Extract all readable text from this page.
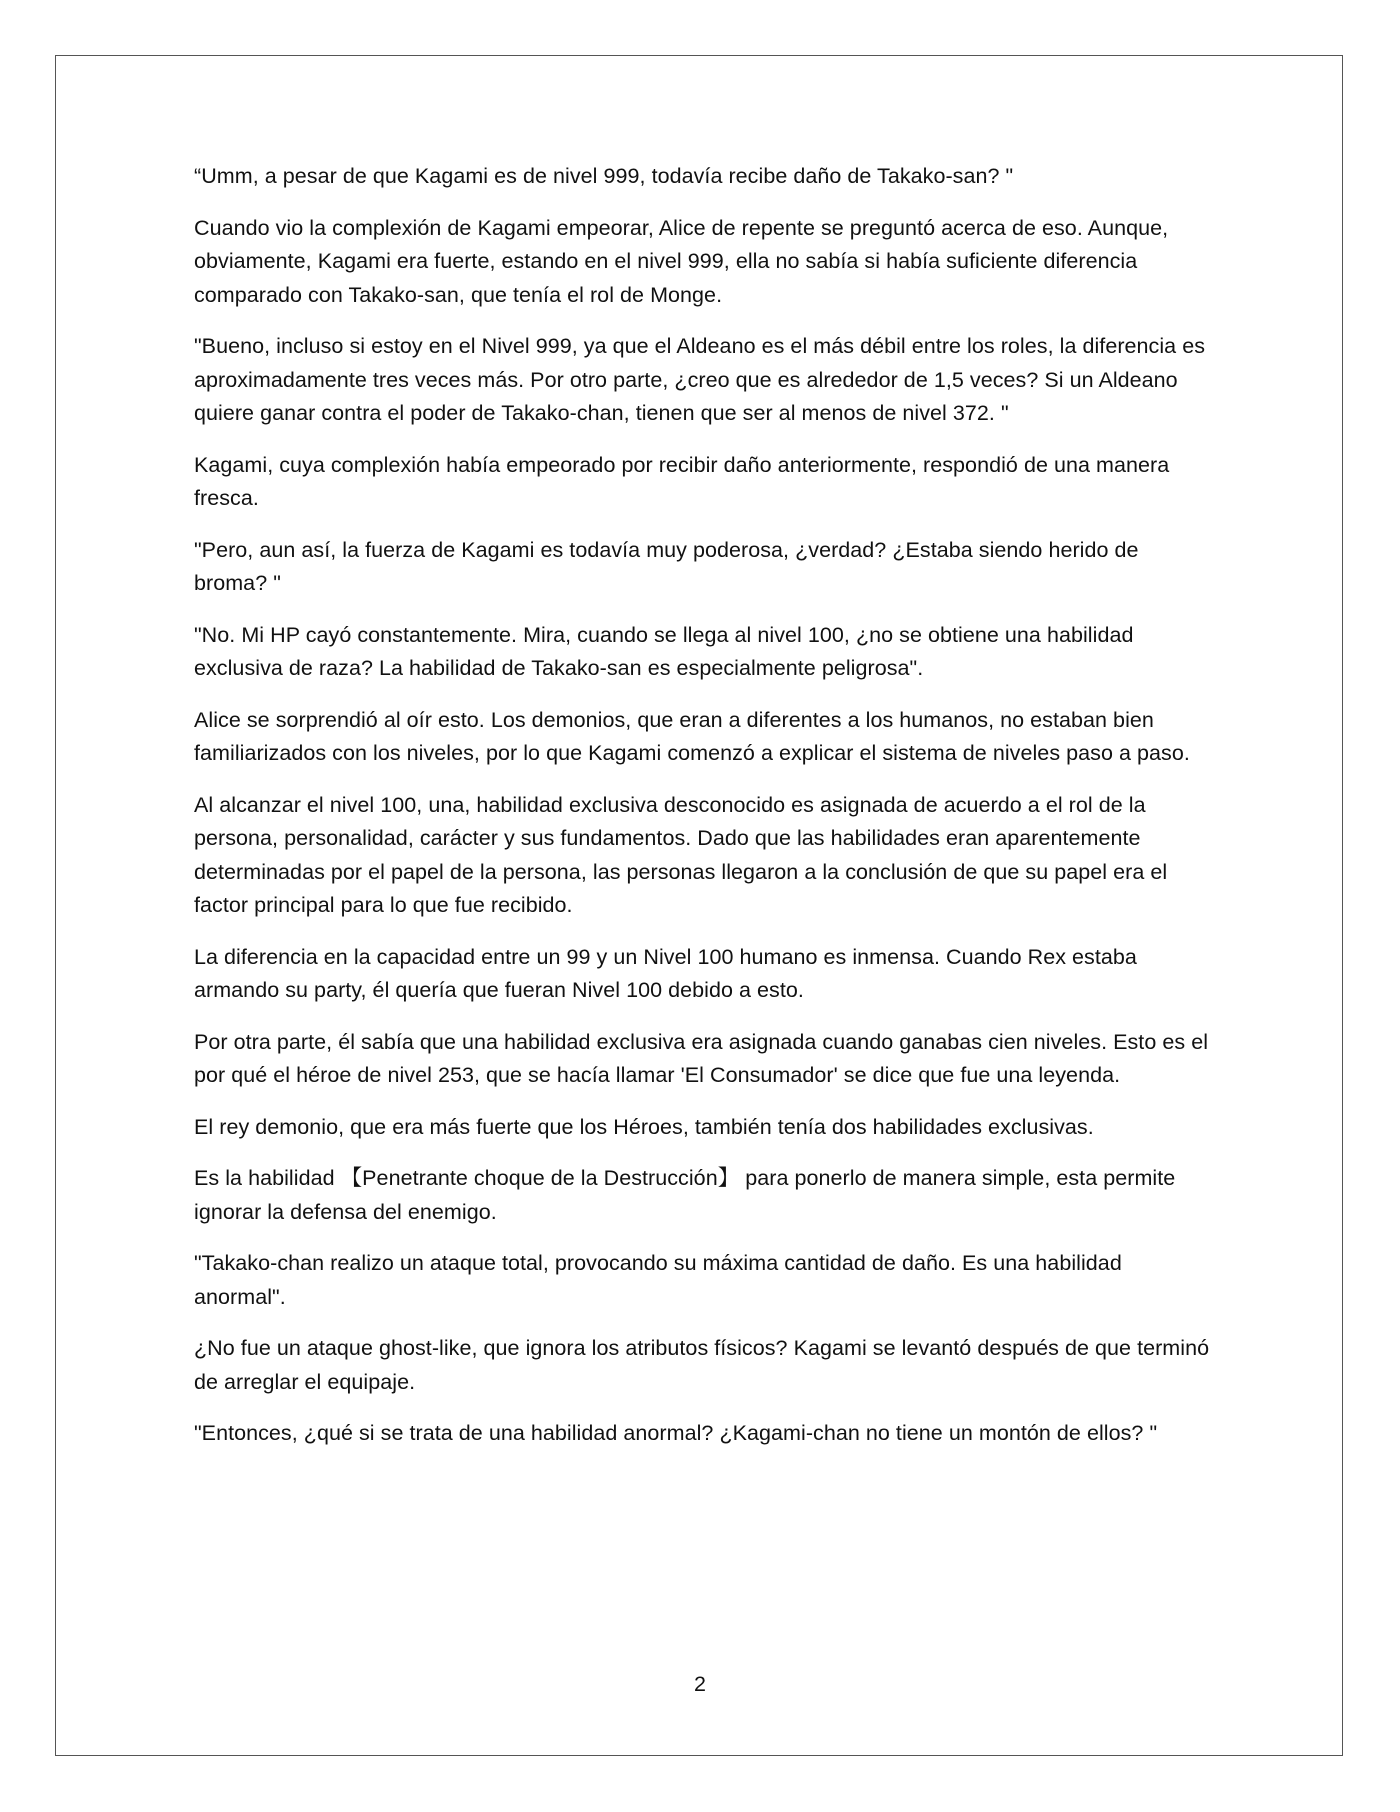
“Umm, a pesar de que Kagami es de nivel 999, todavía recibe daño de Takako-san? "

Cuando vio la complexión de Kagami empeorar, Alice de repente se preguntó acerca de eso. Aunque, obviamente, Kagami era fuerte, estando en el nivel 999, ella no sabía si había suficiente diferencia comparado con Takako-san, que tenía el rol de Monge.

"Bueno, incluso si estoy en el Nivel 999, ya que el Aldeano es el más débil entre los roles, la diferencia es aproximadamente tres veces más. Por otro parte, ¿creo que es alrededor de 1,5 veces? Si un Aldeano quiere ganar contra el poder de Takako-chan, tienen que ser al menos de nivel 372. "

Kagami, cuya complexión había empeorado por recibir daño anteriormente, respondió de una manera fresca.

"Pero, aun así, la fuerza de Kagami es todavía muy poderosa, ¿verdad? ¿Estaba siendo herido de broma? "

"No. Mi HP cayó constantemente. Mira, cuando se llega al nivel 100, ¿no se obtiene una habilidad exclusiva de raza? La habilidad de Takako-san es especialmente peligrosa".

Alice se sorprendió al oír esto. Los demonios, que eran a diferentes a los humanos, no estaban bien familiarizados con los niveles, por lo que Kagami comenzó a explicar el sistema de niveles paso a paso.

Al alcanzar el nivel 100, una, habilidad exclusiva desconocido es asignada de acuerdo a el rol de la persona, personalidad, carácter y sus fundamentos. Dado que las habilidades eran aparentemente determinadas por el papel de la persona, las personas llegaron a la conclusión de que su papel era el factor principal para lo que fue recibido.

La diferencia en la capacidad entre un 99 y un Nivel 100 humano es inmensa. Cuando Rex estaba armando su party, él quería que fueran Nivel 100 debido a esto.

Por otra parte, él sabía que una habilidad exclusiva era asignada cuando ganabas cien niveles. Esto es el por qué el héroe de nivel 253, que se hacía llamar 'El Consumador' se dice que fue una leyenda.

El rey demonio, que era más fuerte que los Héroes, también tenía dos habilidades exclusivas.

Es la habilidad 【Penetrante choque de la Destrucción】 para ponerlo de manera simple, esta permite ignorar la defensa del enemigo.

"Takako-chan realizo un ataque total, provocando su máxima cantidad de daño. Es una habilidad anormal".

¿No fue un ataque ghost-like, que ignora los atributos físicos? Kagami se levantó después de que terminó de arreglar el equipaje.

"Entonces, ¿qué si se trata de una habilidad anormal? ¿Kagami-chan no tiene un montón de ellos? "

2
